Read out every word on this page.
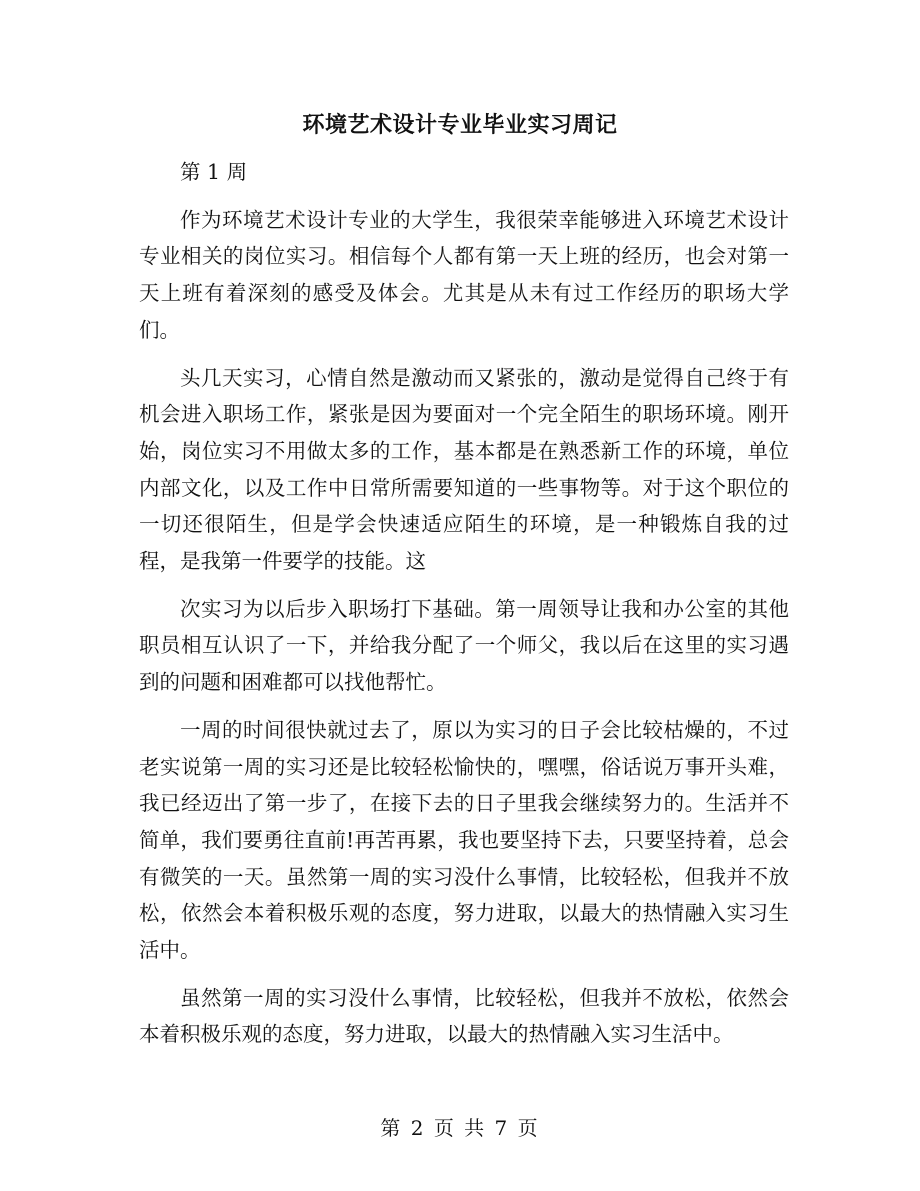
环境艺术设计专业毕业实习周记

第 1 周

作为环境艺术设计专业的大学生，我很荣幸能够进入环境艺术设计专业相关的岗位实习。相信每个人都有第一天上班的经历，也会对第一天上班有着深刻的感受及体会。尤其是从未有过工作经历的职场大学们。

头几天实习，心情自然是激动而又紧张的，激动是觉得自己终于有机会进入职场工作，紧张是因为要面对一个完全陌生的职场环境。刚开始，岗位实习不用做太多的工作，基本都是在熟悉新工作的环境，单位内部文化，以及工作中日常所需要知道的一些事物等。对于这个职位的一切还很陌生，但是学会快速适应陌生的环境，是一种锻炼自我的过程，是我第一件要学的技能。这

次实习为以后步入职场打下基础。第一周领导让我和办公室的其他职员相互认识了一下，并给我分配了一个师父，我以后在这里的实习遇到的问题和困难都可以找他帮忙。

一周的时间很快就过去了，原以为实习的日子会比较枯燥的，不过老实说第一周的实习还是比较轻松愉快的，嘿嘿，俗话说万事开头难，我已经迈出了第一步了，在接下去的日子里我会继续努力的。生活并不简单，我们要勇往直前!再苦再累，我也要坚持下去，只要坚持着，总会有微笑的一天。虽然第一周的实习没什么事情，比较轻松，但我并不放松，依然会本着积极乐观的态度，努力进取，以最大的热情融入实习生活中。

虽然第一周的实习没什么事情，比较轻松，但我并不放松，依然会本着积极乐观的态度，努力进取，以最大的热情融入实习生活中。

第 2 页 共 7 页
